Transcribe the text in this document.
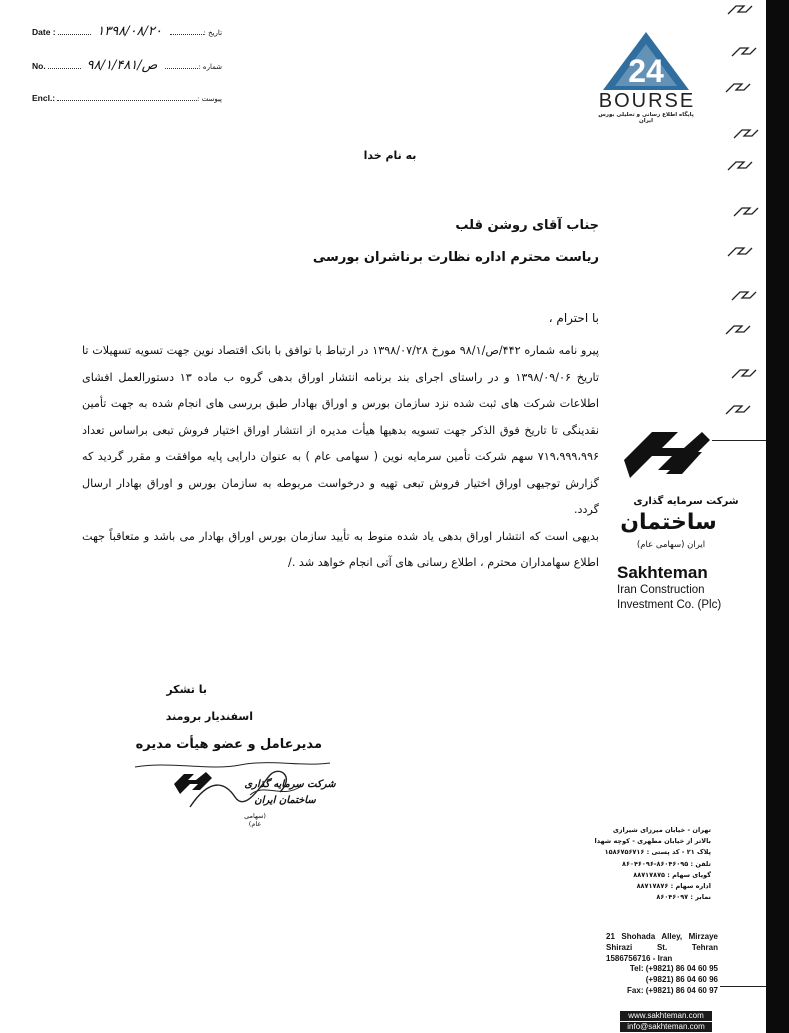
Date :	۱۳۹۸/۰۸/۲۰	تاریخ :
No.	۹۸/۱/ص/۴۸۱	شماره :
Encl.:	پیوست :
24
BOURSE
پایگاه اطلاع رسانی و تحلیلی بورس ایران
به نام خدا
جناب آقای روشن قلب
ریاست محترم اداره نظارت برناشران بورسی
با احترام ،

پیرو نامه شماره ۴۴۲/ص/۹۸/۱ مورخ ۱۳۹۸/۰۷/۲۸ در ارتباط با توافق با بانک اقتصاد نوین جهت تسویه تسهیلات تا تاریخ ۱۳۹۸/۰۹/۰۶ و در راستای اجرای بند برنامه انتشار اوراق بدهی گروه ب ماده ۱۳ دستورالعمل افشای اطلاعات شرکت های ثبت شده نزد سازمان بورس و اوراق بهادار طبق بررسی های انجام شده به جهت تأمین نقدینگی تا تاریخ فوق الذکر جهت تسویه بدهیها هیأت مدیره از انتشار اوراق اختیار فروش تبعی براساس تعداد ۷۱۹،۹۹۹،۹۹۶ سهم شرکت تأمین سرمایه نوین ( سهامی عام ) به عنوان دارایی پایه موافقت و مقرر گردید که گزارش توجیهی اوراق اختیار فروش تبعی تهیه و درخواست مربوطه به سازمان بورس و اوراق بهادار ارسال گردد.

بدیهی است که انتشار اوراق بدهی یاد شده منوط به تأیید سازمان بورس اوراق بهادار می باشد و متعاقباً جهت اطلاع سهامداران محترم ، اطلاع رسانی های آتی انجام خواهد شد ./

با تشکر
اسفندیار برومند
مدیرعامل و عضو هیأت مدیره
شرکت سرمایه گذاری
ساختمان ایران
(سهامی عام)
شرکت سرمایه گذاری
ساختمان
ایران (سهامی عام)
Sakhteman
Iran Construction
Investment Co. (Plc)
تهران - خیابان میرزای شیرازی
بالاتر از خیابان مطهری - کوچه شهدا
پلاک ۲۱ - کد پستی : ۱۵۸۶۷۵۶۷۱۶
تلفن : ۸۶۰۴۶۰۹۵-۸۶۰۴۶۰۹۶
گویای سهام : ۸۸۷۱۷۸۷۵
اداره سهام : ۸۸۷۱۷۸۷۶
نمابر : ۸۶۰۴۶۰۹۷
21 Shohada Alley, Mirzaye Shirazi St. Tehran 1586756716 - Iran
Tel: (+9821) 86 04 60 95
(+9821) 86 04 60 96
Fax: (+9821) 86 04 60 97
www.sakhteman.com
info@sakhteman.com
